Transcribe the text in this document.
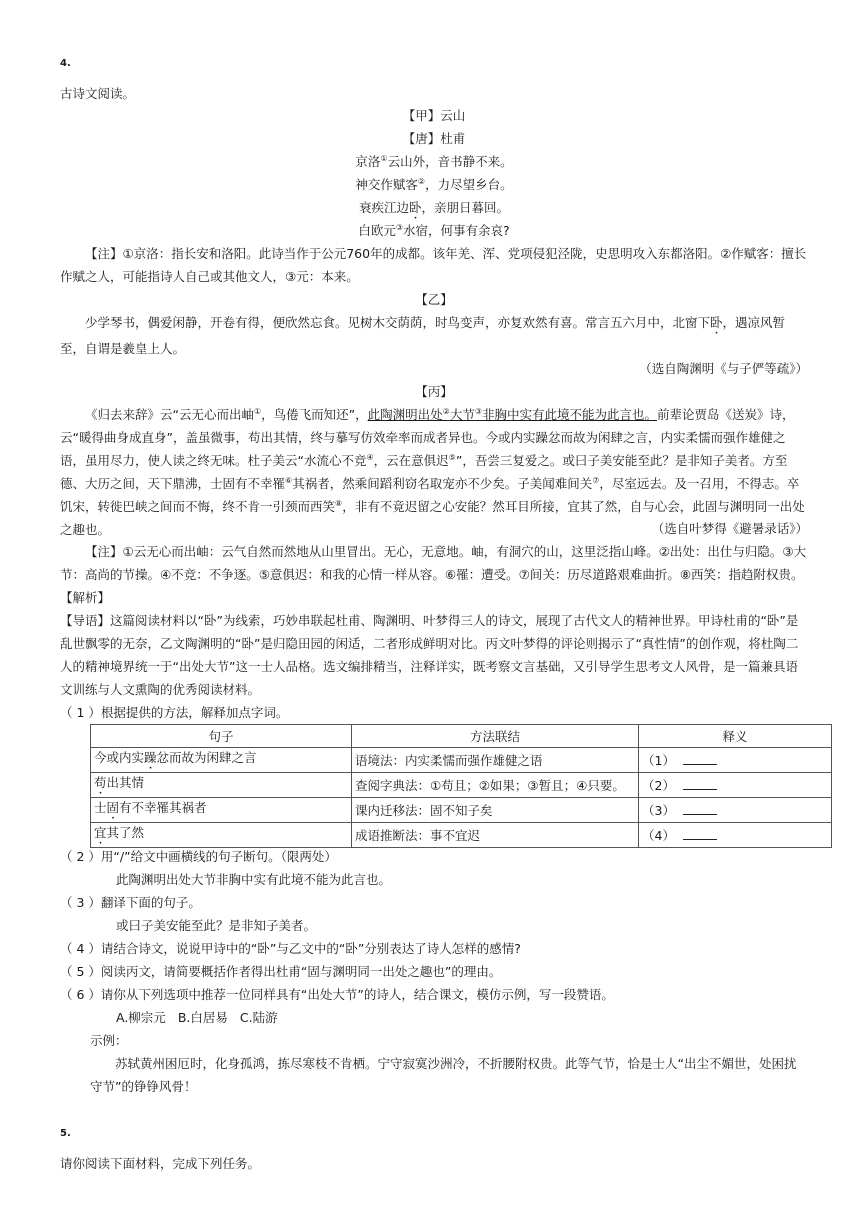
4.

古诗文阅读。

【甲】云山

【唐】杜甫

京洛①云山外，音书静不来。

神交作赋客②，力尽望乡台。

衰疾江边卧，亲朋日暮回。

白欧元③水宿，何事有余哀?

【注】①京洛：指长安和洛阳。此诗当作于公元760年的成都。该年羌、浑、党项侵犯泾陇，史思明攻入东都洛阳。②作赋客：擅长作赋之人，可能指诗人自己或其他文人，③元：本来。

【乙】

少学琴书，偶爱闲静，开卷有得，便欣然忘食。见树木交荫荫，时鸟变声，亦复欢然有喜。常言五六月中，北窗下卧，遇凉风暂至，自谓是羲皇上人。

（选自陶渊明《与子俨等疏》）

【丙】

《归去来辞》云“云无心而出岫①，鸟倦飞而知还”，此陶渊明出处②大节③非胸中实有此境不能为此言也。前辈论贾岛《送炭》诗，云“暖得曲身成直身”，盖虽微事，苟出其情，终与摹写仿效牵率而成者异也。今或内实躁忿而故为闲肆之言，内实柔懦而强作雄健之语，虽用尽力，使人读之终无味。杜子美云“水流心不竞④，云在意俱迟⑤”，吾尝三复爱之。或曰子美安能至此？是非知子美者。方至德、大历之间，天下鼎沸，士固有不幸罹⑥其祸者，然乘间蹈利窃名取宠亦不少矣。子美闻难间关⑦，尽室远去。及一召用，不得志。卒饥宋，转徙巴峡之间而不悔，终不肯一引颈而西笑⑧，非有不竟迟留之心安能？然耳目所接，宜其了然，自与心会，此固与渊明同一出处之趣也。	（选自叶梦得《避暑录话》）

【注】①云无心而出岫：云气自然而然地从山里冒出。无心，无意地。岫，有洞穴的山，这里泛指山峰。②出处：出仕与归隐。③大节：高尚的节操。④不竞：不争逐。⑤意俱迟：和我的心情一样从容。⑥罹：遭受。⑦间关：历尽道路艰难曲折。⑧西笑：指趋附权贵。

【解析】

【导语】这篇阅读材料以“卧”为线索，巧妙串联起杜甫、陶渊明、叶梦得三人的诗文，展现了古代文人的精神世界。甲诗杜甫的“卧”是乱世飘零的无奈，乙文陶渊明的“卧”是归隐田园的闲适，二者形成鲜明对比。丙文叶梦得的评论则揭示了“真性情”的创作观，将杜陶二人的精神境界统一于“出处大节”这一士人品格。选文编排精当，注释详实，既考察文言基础，又引导学生思考文人风骨，是一篇兼具语文训练与人文熏陶的优秀阅读材料。

（ 1 ）根据提供的方法，解释加点字词。

句子	方法联结	释义
今或内实躁忿而故为闲肆之言	语境法：内实柔懦而强作雄健之语	（1）
苟出其情	查阅字典法：①苟且；②如果；③暂且；④只要。	（2）
士固有不幸罹其祸者	课内迁移法：固不知子矣	（3）
宜其了然	成语推断法：事不宜迟	（4）

（ 2 ）用“/”给文中画横线的句子断句。（限两处）

此陶渊明出处大节非胸中实有此境不能为此言也。

（ 3 ）翻译下面的句子。

或曰子美安能至此？是非知子美者。

（ 4 ）请结合诗文，说说甲诗中的“卧”与乙文中的“卧”分别表达了诗人怎样的感情?

（ 5 ）阅读丙文，请简要概括作者得出杜甫“固与渊明同一出处之趣也”的理由。

（ 6 ）请你从下列选项中推荐一位同样具有“出处大节”的诗人，结合课文，模仿示例，写一段赞语。

A.柳宗元 B.白居易 C.陆游

示例：

苏轼黄州困厄时，化身孤鸿，拣尽寒枝不肯栖。宁守寂寞沙洲冷，不折腰附权贵。此等气节，恰是士人“出尘不媚世，处困扰守节”的铮铮风骨！

5.

请你阅读下面材料，完成下列任务。
